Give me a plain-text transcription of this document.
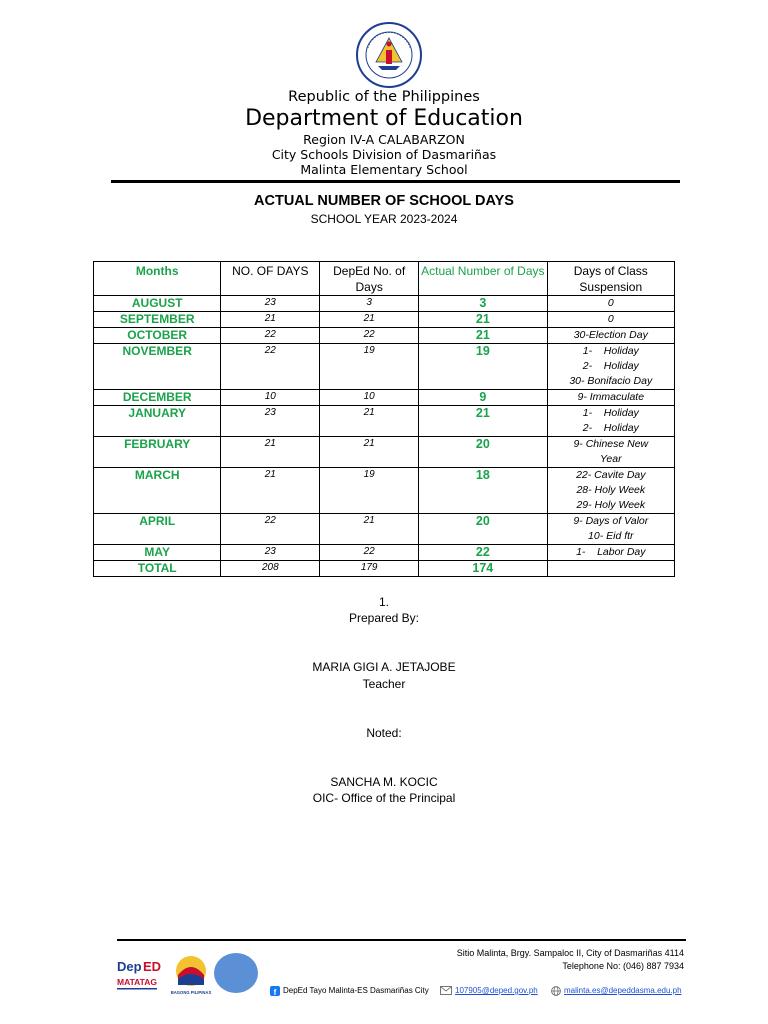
Republic of the Philippines
Department of Education
Region IV-A CALABARZON
City Schools Division of Dasmariñas
Malinta Elementary School
ACTUAL NUMBER OF SCHOOL DAYS
SCHOOL YEAR 2023-2024
Months	NO. OF DAYS	DepEd No. of Days	Actual Number of Days	Days of Class Suspension
AUGUST	23	3	3	0

SEPTEMBER	21	21	21	0

OCTOBER	22	22	21	30-Election Day

NOVEMBER	22	19	19	1-    Holiday
2-    Holiday
30- Bonifacio Day

DECEMBER	10	10	9	9- Immaculate

JANUARY	23	21	21	1-    Holiday
2-    Holiday

FEBRUARY	21	21	20	9- Chinese New
Year

MARCH	21	19	18	22- Cavite Day
28- Holy Week
29- Holy Week

APRIL	22	21	20	9- Days of Valor
10- Eid ftr

MAY	23	22	22	1-    Labor Day

TOTAL	208	179	174	
1.
Prepared By:
MARIA GIGI A. JETAJOBE
Teacher
Noted:
SANCHA M. KOCIC
OIC- Office of the Principal
Dep ED
MATATAG
BAGONG PILIPINAS
Sitio Malinta, Brgy. Sampaloc II, City of Dasmariñas 4114
Telephone No: (046) 887 7934
f DepEd Tayo Malinta-ES Dasmariñas City	107905@deped.gov.ph	malinta.es@depeddasma.edu.ph
